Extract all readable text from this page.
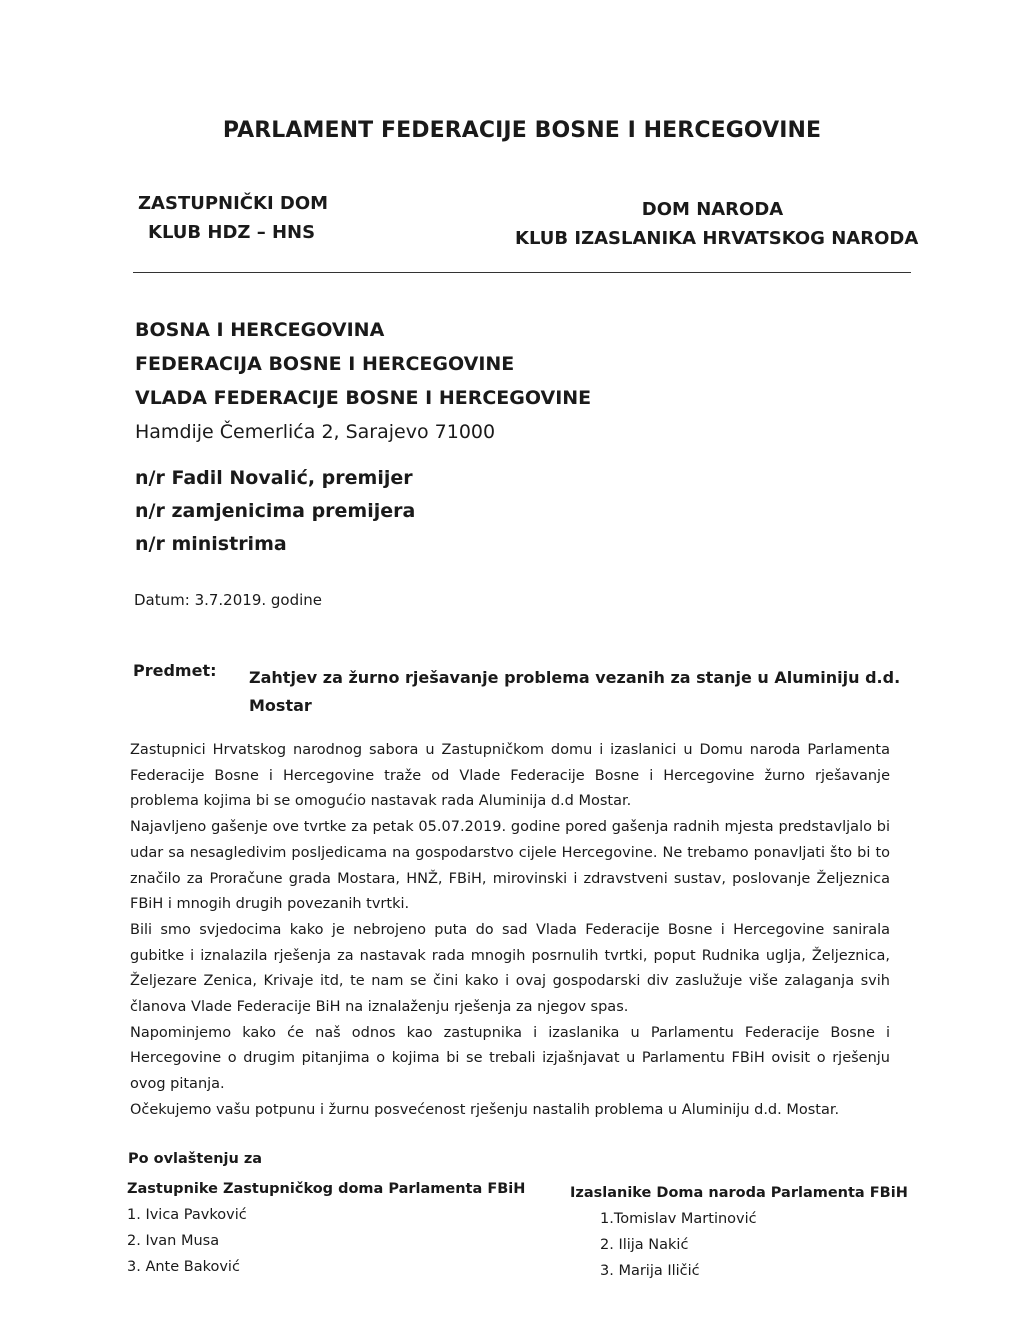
PARLAMENT FEDERACIJE BOSNE I HERCEGOVINE
ZASTUPNIČKI DOM
KLUB HDZ – HNS
DOM NARODA
KLUB IZASLANIKA HRVATSKOG NARODA
BOSNA I HERCEGOVINA
FEDERACIJA BOSNE I HERCEGOVINE
VLADA FEDERACIJE BOSNE I HERCEGOVINE
Hamdije Čemerlića 2, Sarajevo 71000
n/r Fadil Novalić, premijer
n/r zamjenicima premijera
n/r ministrima
Datum: 3.7.2019. godine
Predmet: Zahtjev za žurno rješavanje problema vezanih za stanje u Aluminiju d.d.
Mostar

Zastupnici Hrvatskog narodnog sabora u Zastupničkom domu i izaslanici u Domu naroda Parlamenta Federacije Bosne i Hercegovine traže od Vlade Federacije Bosne i Hercegovine žurno rješavanje problema kojima bi se omogućio nastavak rada Aluminija d.d Mostar.

Najavljeno gašenje ove tvrtke za petak 05.07.2019. godine pored gašenja radnih mjesta predstavljalo bi udar sa nesagledivim posljedicama na gospodarstvo cijele Hercegovine. Ne trebamo ponavljati što bi to značilo za Proračune grada Mostara, HNŽ, FBiH, mirovinski i zdravstveni sustav, poslovanje Željeznica FBiH i mnogih drugih povezanih tvrtki.

Bili smo svjedocima kako je nebrojeno puta do sad Vlada Federacije Bosne i Hercegovine sanirala gubitke i iznalazila rješenja za nastavak rada mnogih posrnulih tvrtki, poput Rudnika uglja, Željeznica, Željezare Zenica, Krivaje itd, te nam se čini kako i ovaj gospodarski div zaslužuje više zalaganja svih članova Vlade Federacije BiH na iznalaženju rješenja za njegov spas.

Napominjemo kako će naš odnos kao zastupnika i izaslanika u Parlamentu Federacije Bosne i Hercegovine o drugim pitanjima o kojima bi se trebali izjašnjavat u Parlamentu FBiH ovisit o rješenju ovog pitanja.

Očekujemo vašu potpunu i žurnu posvećenost rješenju nastalih problema u Aluminiju d.d. Mostar.

Po ovlaštenju za
Zastupnike Zastupničkog doma Parlamenta FBiH
1. Ivica Pavković
2. Ivan Musa
3. Ante Baković
Izaslanike Doma naroda Parlamenta FBiH
1.Tomislav Martinović
2. Ilija Nakić
3. Marija Iličić
